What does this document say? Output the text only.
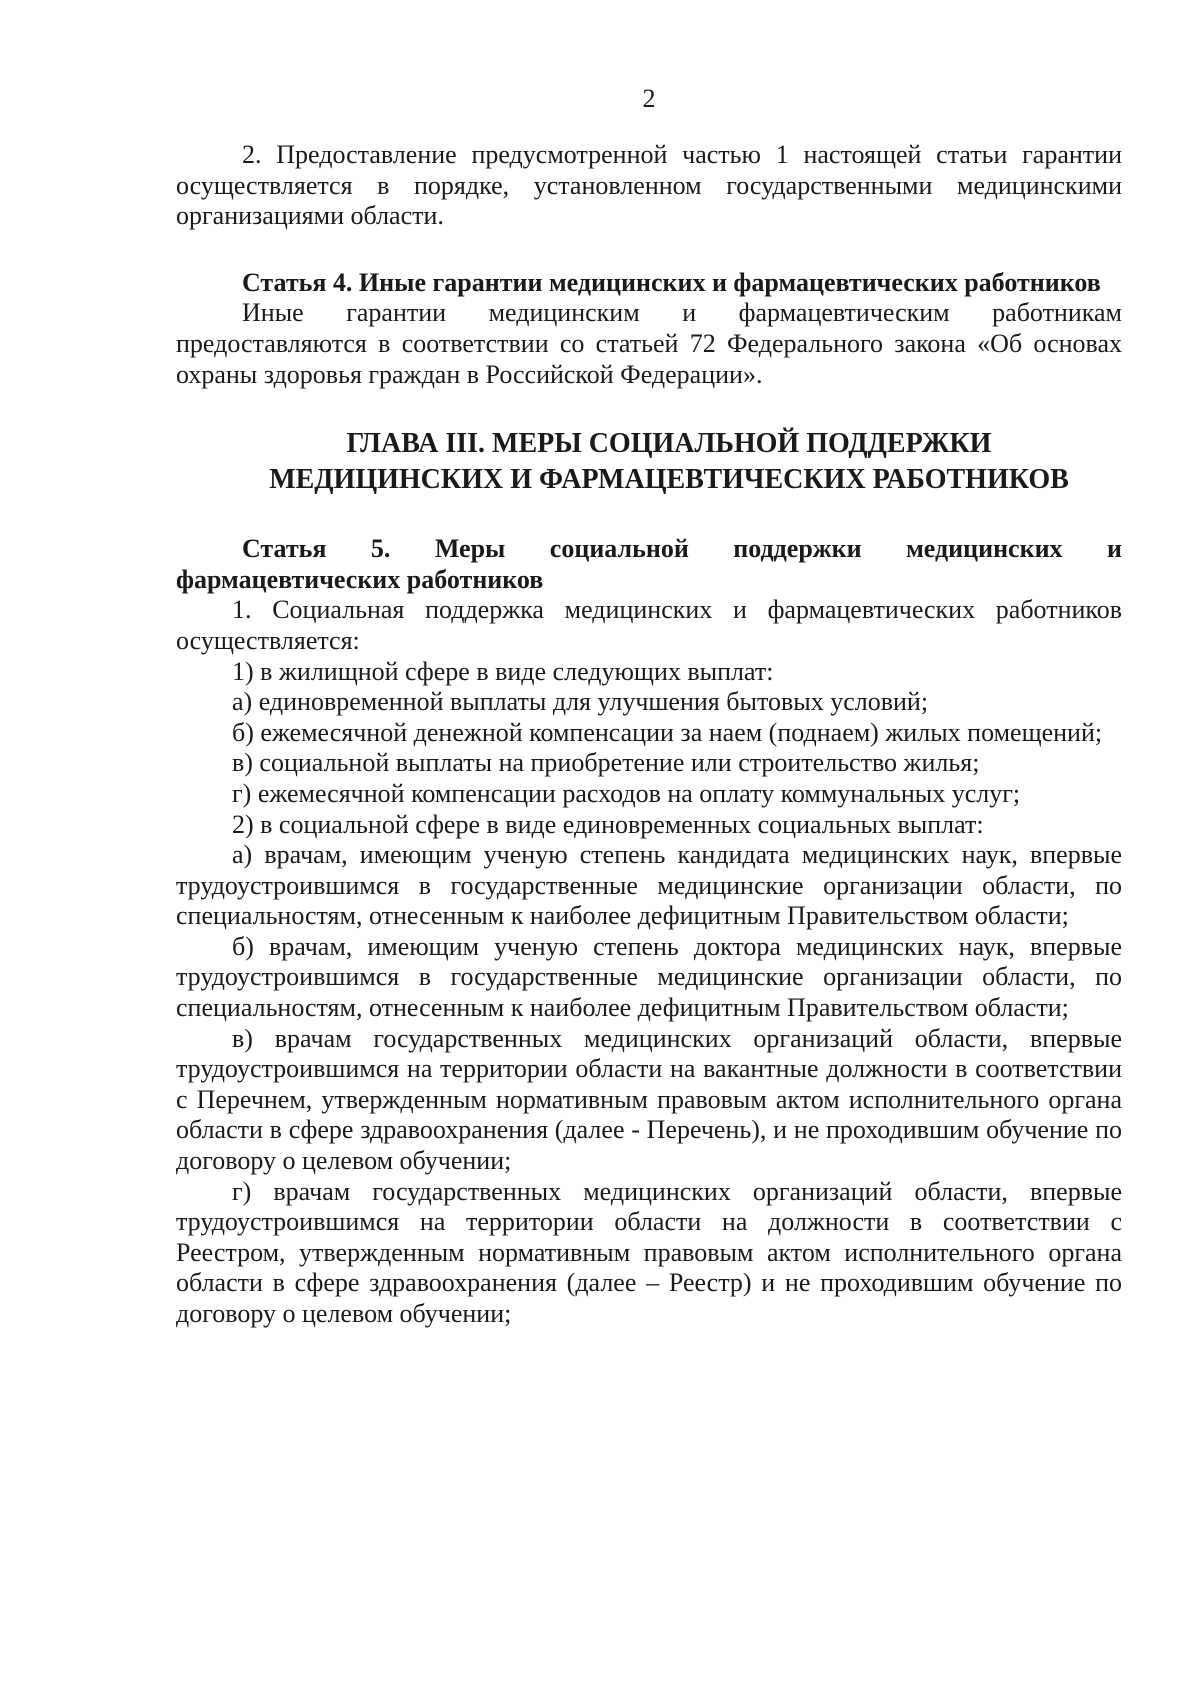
2

2. Предоставление предусмотренной частью 1 настоящей статьи гарантии осуществляется в порядке, установленном государственными медицинскими организациями области.

Статья 4. Иные гарантии медицинских и фармацевтических работников

Иные гарантии медицинским и фармацевтическим работникам предоставляются в соответствии со статьей 72 Федерального закона «Об основах охраны здоровья граждан в Российской Федерации».

ГЛАВА III. МЕРЫ СОЦИАЛЬНОЙ ПОДДЕРЖКИ

МЕДИЦИНСКИХ И ФАРМАЦЕВТИЧЕСКИХ РАБОТНИКОВ

Статья 5. Меры социальной поддержки медицинских и фармацевтических работников

1. Социальная поддержка медицинских и фармацевтических работников осуществляется:

1) в жилищной сфере в виде следующих выплат:

а) единовременной выплаты для улучшения бытовых условий;

б) ежемесячной денежной компенсации за наем (поднаем) жилых помещений;

в) социальной выплаты на приобретение или строительство жилья;

г) ежемесячной компенсации расходов на оплату коммунальных услуг;

2) в социальной сфере в виде единовременных социальных выплат:

а) врачам, имеющим ученую степень кандидата медицинских наук, впервые трудоустроившимся в государственные медицинские организации области, по специальностям, отнесенным к наиболее дефицитным Правительством области;

б) врачам, имеющим ученую степень доктора медицинских наук, впервые трудоустроившимся в государственные медицинские организации области, по специальностям, отнесенным к наиболее дефицитным Правительством области;

в) врачам государственных медицинских организаций области, впервые трудоустроившимся на территории области на вакантные должности в соответствии с Перечнем, утвержденным нормативным правовым актом исполнительного органа области в сфере здравоохранения (далее - Перечень), и не проходившим обучение по договору о целевом обучении;

г) врачам государственных медицинских организаций области, впервые трудоустроившимся на территории области на должности в соответствии с Реестром, утвержденным нормативным правовым актом исполнительного органа области в сфере здравоохранения (далее – Реестр) и не проходившим обучение по договору о целевом обучении;
